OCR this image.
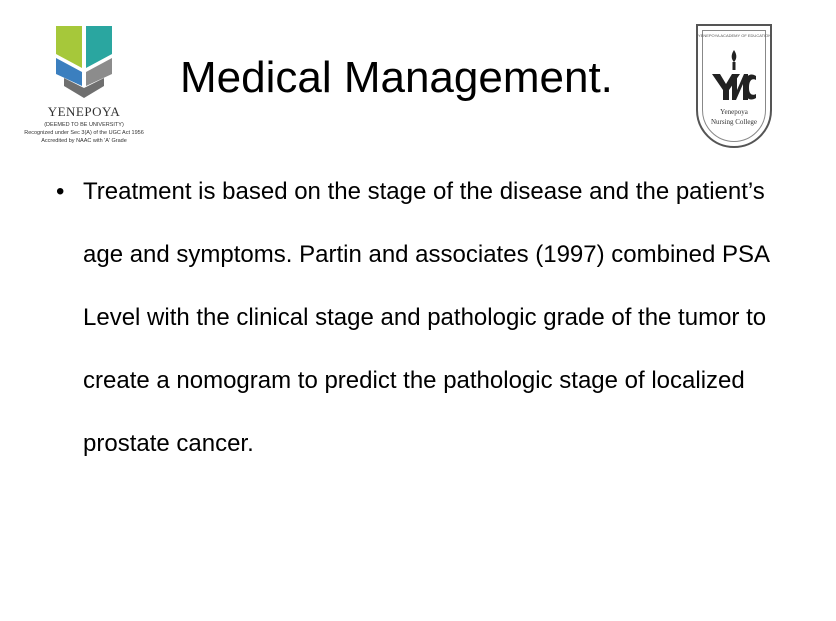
YENEPOYA
(DEEMED TO BE UNIVERSITY)
Recognized under Sec 3(A) of the UGC Act 1956
Accredited by NAAC with 'A' Grade
Medical Management.
YENEPOYA ACADEMY OF EDUCATION
Yenepoya
Nursing College
• Treatment is based on the stage of the disease and the patient’s age and symptoms. Partin and associates (1997) combined PSA Level with the clinical stage and pathologic grade of the tumor to create a nomogram to predict the pathologic stage of localized prostate cancer.
